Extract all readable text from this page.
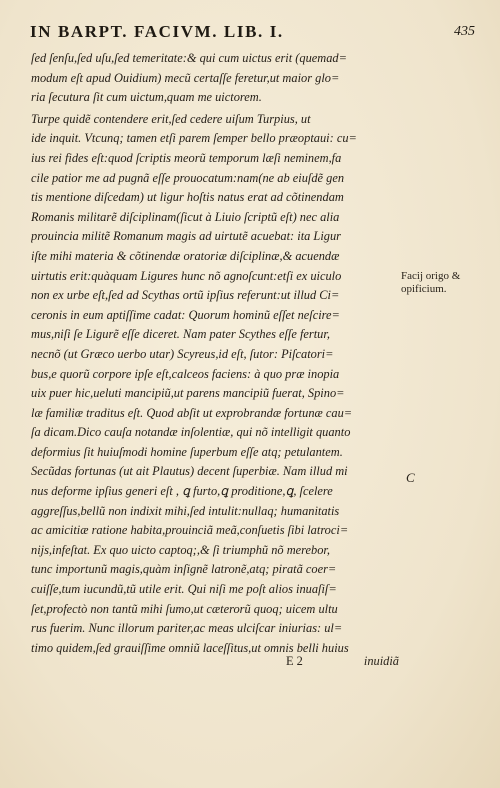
IN BARPT. FACIVM. LIB. I.	435
ſed ſenſu,ſed uſu,ſed temeritate:& qui cum uictus erit (quemad=
modum eſt apud Ouidium) mecũ certaſſe feretur,ut maior glo=
ria ſecutura ſit cum uictum,quam me uictorem.
Turpe quidẽ contendere erit,ſed cedere uiſum Turpius, ut
ide inquit. Vtcunq; tamen etſi parem ſemper bello præoptaui: cu=
ius rei fides eſt:quod ſcriptis meorũ temporum læſi neminem,fa
cile patior me ad pugnã eſſe prouocatum:nam(ne ab eiuſdẽ gen
tis mentione diſcedam) ut ligur hoſtis natus erat ad cõtinendam
Romanis militarẽ diſciplinam(ſicut à Liuio ſcriptũ eſt) nec alia
prouincia militẽ Romanum magis ad uirtutẽ acuebat: ita Ligur
iſte mihi materia & cõtinendæ oratoriæ diſciplinæ,& acuendæ
uirtutis erit:quàquam Ligures hunc nõ agnoſcunt:etſi ex uiculo
non ex urbe eſt,ſed ad Scythas ortũ ipſius referunt:ut illud Ci=
ceronis in eum aptiſſime cadat: Quorum hominũ eſſet neſcire=
mus,niſi ſe Ligurẽ eſſe diceret. Nam pater Scythes eſſe fertur,
necnõ (ut Græco uerbo utar) Scyreus,id eſt, ſutor: Piſcatori=
bus,e quorũ corpore ipſe eſt,calceos faciens: à quo præ inopia
uix puer hic,ueluti mancipiũ,ut parens mancipiũ fuerat, Spino=
læ familiæ traditus eſt. Quod abſit ut exprobrandæ fortunæ cau=
ſa dicam.Dico cauſa notandæ inſolentiæ, qui nõ intelligit quanto
deformius ſit huiuſmodi homine ſuperbum eſſe atq; petulantem.
Secũdas fortunas (ut ait Plautus) decent ſuperbiæ. Nam illud mi
nus deforme ipſius generi eſt , ꝗ furto,ꝗ proditione,ꝗ, ſcelere
aggreſſus,bellũ non indixit mihi,ſed intulit:nullaq; humanitatis
ac amicitiæ ratione habita,prouinciã meã,conſuetis ſibi latroci=
nijs,infeſtat. Ex quo uicto captoq;,& ſi triumphũ nõ merebor,
tunc importunũ magis,quàm inſignẽ latronẽ,atq; piratã coer=
cuiſſe,tum iucundũ,tũ utile erit. Qui niſi me poſt alios inuaſiſ=
ſet,profectò non tantũ mihi ſumo,ut cæterorũ quoq; uicem ultu
rus fuerim. Nunc illorum pariter,ac meas ulciſcar iniurias: ul=
timo quidem,ſed grauiſſime omniũ laceſſitus,ut omnis belli huius
Facij origo &
opificium.
C
E 2	inuidiã
